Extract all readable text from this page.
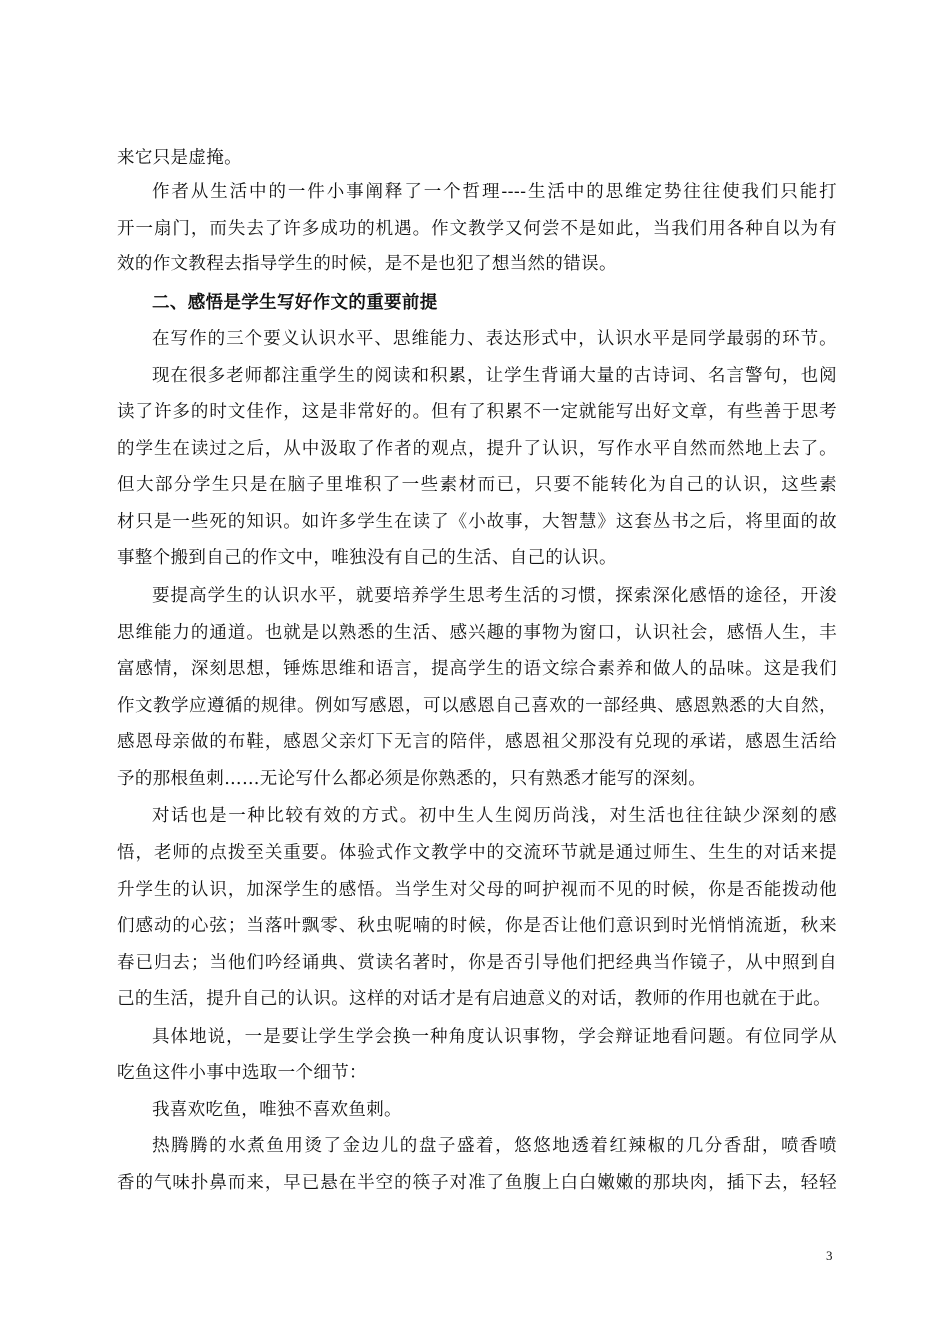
来它只是虚掩。
作者从生活中的一件小事阐释了一个哲理----生活中的思维定势往往使我们只能打
开一扇门，而失去了许多成功的机遇。作文教学又何尝不是如此，当我们用各种自以为有
效的作文教程去指导学生的时候，是不是也犯了想当然的错误。
二、感悟是学生写好作文的重要前提
在写作的三个要义认识水平、思维能力、表达形式中，认识水平是同学最弱的环节。
现在很多老师都注重学生的阅读和积累，让学生背诵大量的古诗词、名言警句，也阅
读了许多的时文佳作，这是非常好的。但有了积累不一定就能写出好文章，有些善于思考
的学生在读过之后，从中汲取了作者的观点，提升了认识，写作水平自然而然地上去了。
但大部分学生只是在脑子里堆积了一些素材而已，只要不能转化为自己的认识，这些素
材只是一些死的知识。如许多学生在读了《小故事，大智慧》这套丛书之后，将里面的故
事整个搬到自己的作文中，唯独没有自己的生活、自己的认识。
要提高学生的认识水平，就要培养学生思考生活的习惯，探索深化感悟的途径，开浚
思维能力的通道。也就是以熟悉的生活、感兴趣的事物为窗口，认识社会，感悟人生，丰
富感情，深刻思想，锤炼思维和语言，提高学生的语文综合素养和做人的品味。这是我们
作文教学应遵循的规律。例如写感恩，可以感恩自己喜欢的一部经典、感恩熟悉的大自然，
感恩母亲做的布鞋，感恩父亲灯下无言的陪伴，感恩祖父那没有兑现的承诺，感恩生活给
予的那根鱼刺……无论写什么都必须是你熟悉的，只有熟悉才能写的深刻。
对话也是一种比较有效的方式。初中生人生阅历尚浅，对生活也往往缺少深刻的感
悟，老师的点拨至关重要。体验式作文教学中的交流环节就是通过师生、生生的对话来提
升学生的认识，加深学生的感悟。当学生对父母的呵护视而不见的时候，你是否能拨动他
们感动的心弦；当落叶飘零、秋虫呢喃的时候，你是否让他们意识到时光悄悄流逝，秋来
春已归去；当他们吟经诵典、赏读名著时，你是否引导他们把经典当作镜子，从中照到自
己的生活，提升自己的认识。这样的对话才是有启迪意义的对话，教师的作用也就在于此。
具体地说，一是要让学生学会换一种角度认识事物，学会辩证地看问题。有位同学从
吃鱼这件小事中选取一个细节：
我喜欢吃鱼，唯独不喜欢鱼刺。
热腾腾的水煮鱼用烫了金边儿的盘子盛着，悠悠地透着红辣椒的几分香甜，喷香喷
香的气味扑鼻而来，早已悬在半空的筷子对准了鱼腹上白白嫩嫩的那块肉，插下去，轻轻
3
